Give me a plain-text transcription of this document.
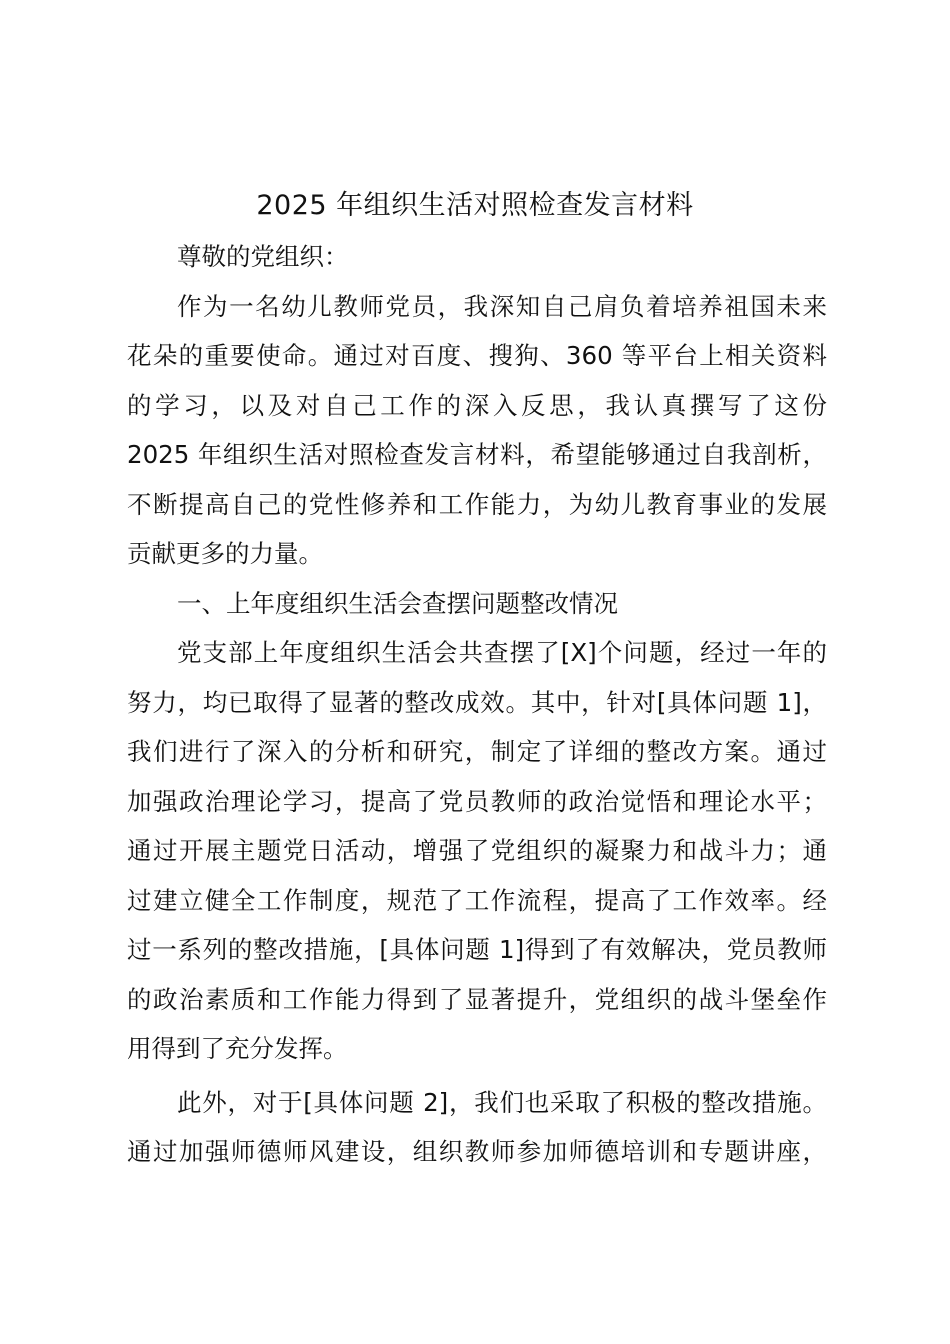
2025 年组织生活对照检查发言材料
尊敬的党组织：
作为一名幼儿教师党员，我深知自己肩负着培养祖国未来
花朵的重要使命。通过对百度、搜狗、360 等平台上相关资料
的学习，以及对自己工作的深入反思，我认真撰写了这份
2025 年组织生活对照检查发言材料，希望能够通过自我剖析，
不断提高自己的党性修养和工作能力，为幼儿教育事业的发展
贡献更多的力量。
一、上年度组织生活会查摆问题整改情况
党支部上年度组织生活会共查摆了[X]个问题，经过一年的
努力，均已取得了显著的整改成效。其中，针对[具体问题 1]，
我们进行了深入的分析和研究，制定了详细的整改方案。通过
加强政治理论学习，提高了党员教师的政治觉悟和理论水平；
通过开展主题党日活动，增强了党组织的凝聚力和战斗力；通
过建立健全工作制度，规范了工作流程，提高了工作效率。经
过一系列的整改措施，[具体问题 1]得到了有效解决，党员教师
的政治素质和工作能力得到了显著提升，党组织的战斗堡垒作
用得到了充分发挥。
此外，对于[具体问题 2]，我们也采取了积极的整改措施。
通过加强师德师风建设，组织教师参加师德培训和专题讲座，
